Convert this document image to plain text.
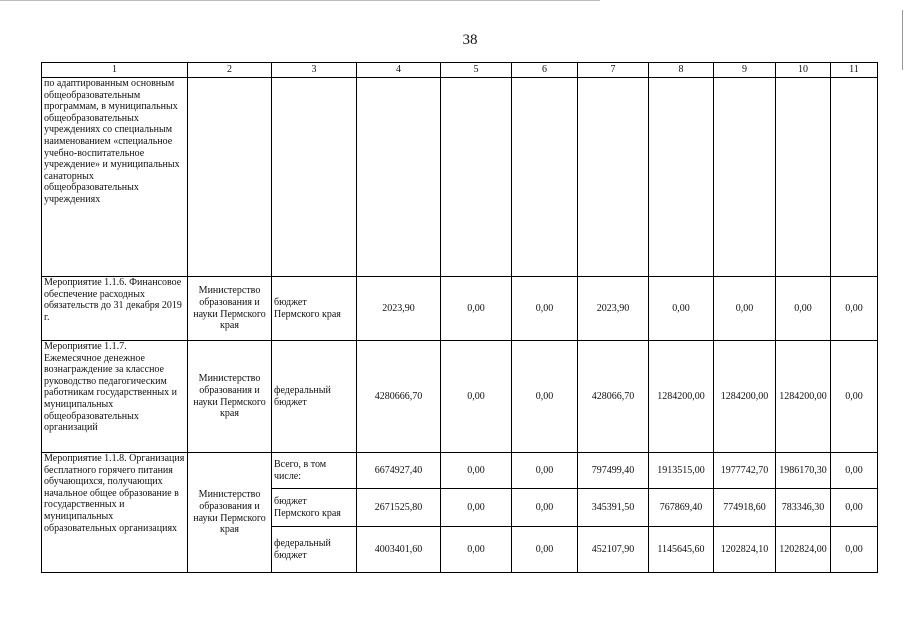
38
1	2	3	4	5	6	7	8	9	10	11
по адаптированным основным общеобразовательным программам, в муниципальных общеобразовательных учреждениях со специальным наименованием «специальное учебно-воспитательное учреждение» и муниципальных санаторных общеобразовательных учреждениях										
Мероприятие 1.1.6. Финансовое обеспечение расходных обязательств до 31 декабря 2019 г.	Министерство образования и науки Пермского края	бюджет Пермского края	2023,90	0,00	0,00	2023,90	0,00	0,00	0,00	0,00
Мероприятие 1.1.7. Ежемесячное денежное вознаграждение за классное руководство педагогическим работникам государственных и муниципальных общеобразовательных организаций	Министерство образования и науки Пермского края	федеральный бюджет	4280666,70	0,00	0,00	428066,70	1284200,00	1284200,00	1284200,00	0,00
Мероприятие 1.1.8. Организация бесплатного горячего питания обучающихся, получающих начальное общее образование в государственных и муниципальных образовательных организациях	Министерство образования и науки Пермского края	Всего, в том числе:	6674927,40	0,00	0,00	797499,40	1913515,00	1977742,70	1986170,30	0,00
		бюджет Пермского края	2671525,80	0,00	0,00	345391,50	767869,40	774918,60	783346,30	0,00
		федеральный бюджет	4003401,60	0,00	0,00	452107,90	1145645,60	1202824,10	1202824,00	0,00
